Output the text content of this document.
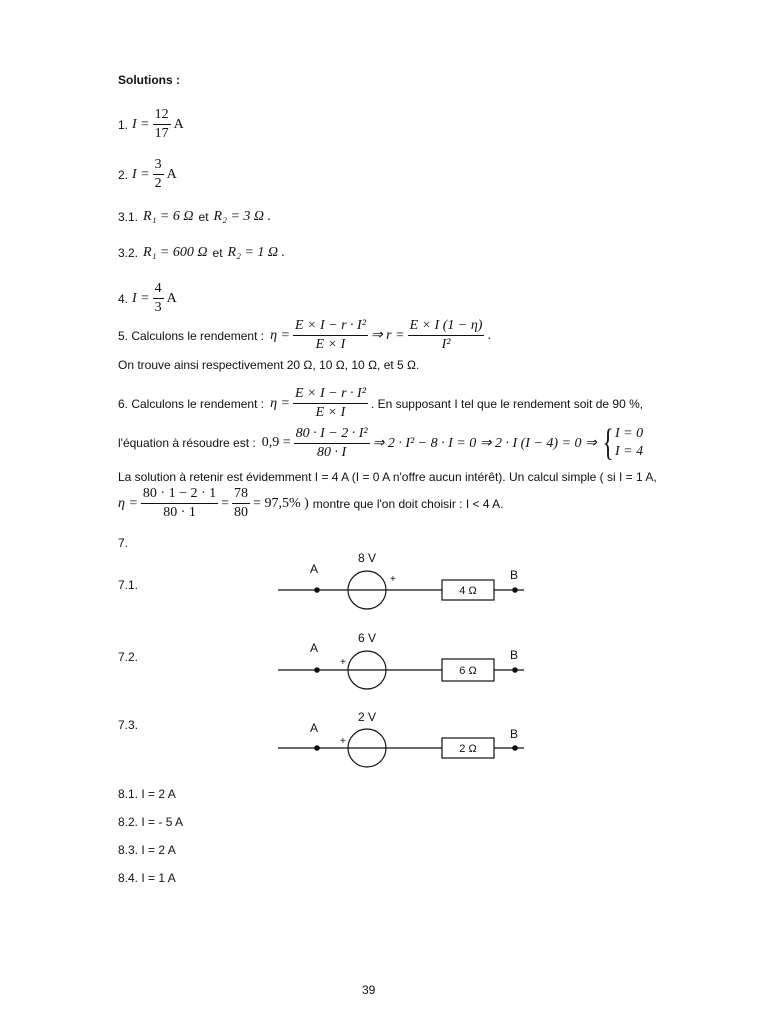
Solutions :
1. $I = \frac{12}{17}$ A
2. $I = \frac{3}{2}$ A
3.1. R₁ = 6 Ω et R₂ = 3 Ω .
3.2. R₁ = 600 Ω et R₂ = 1 Ω .
4. $I = \frac{4}{3}$ A
5. Calculons le rendement : $\eta = \frac{\text{E × I − r · I²}}{E \times I}$ ⇒ $r = \frac{E \times I (1 - \eta)}{\text{I²}}$ .
On trouve ainsi respectivement 20 Ω, 10 Ω, 10 Ω, et 5 Ω.
6. Calculons le rendement : $\eta = \frac{\text{E × I − r · I²}}{E \times I}$ . En supposant I tel que le rendement soit de 90 %,
l'équation à résoudre est : $0,9 = \frac{\text{80 · I − 2 · I²}}{80 \cdot I}$ ⇒ 2 · I² − 8 · I = 0 ⇒ 2 · I (I − 4) = 0 ⇒ { I = 0
I = 4
La solution à retenir est évidemment I = 4 A (I = 0 A n'offre aucun intérêt). Un calcul simple ( si I = 1 A,
$\eta = \frac{80 \cdot 1 - 2 \cdot 1}{80 \cdot 1} = \frac{78}{80} = 97,5\%$ ) montre que l'on doit choisir : I < 4 A.
7.
7.1.
A
8 V
+
4 Ω
B
7.2.
A
6 V
+
6 Ω
B
7.3.	A
2 V
+
2 Ω
B
8.1. I = 2 A
8.2. I = - 5 A
8.3. I = 2 A
8.4. I = 1 A
39
